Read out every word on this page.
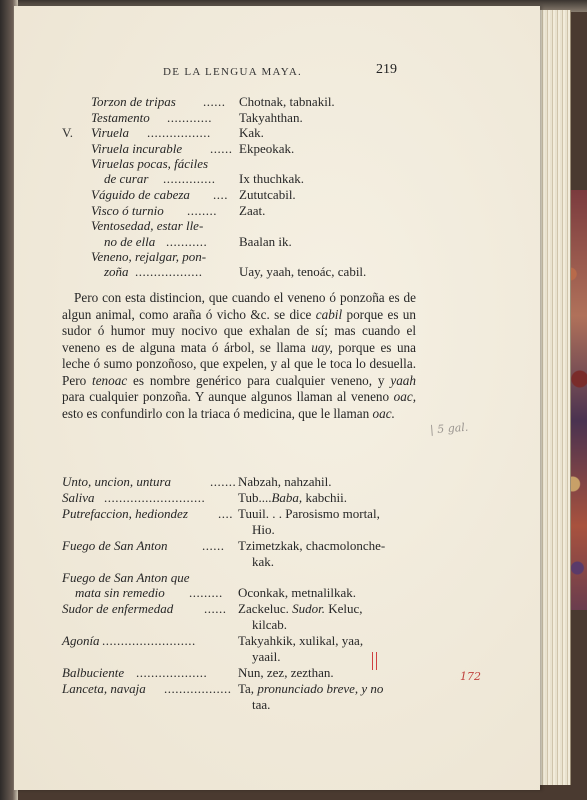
DE LA LENGUA MAYA.	219
V.
Torzon de tripas ...... Chotnak, tabnakil.
Testamento ............ Takyahthan.
Viruela ................. Kak.
Viruela incurable ...... Ekpeokak.
Viruelas pocas, fáciles
de curar .............. Ix thuchkak.
Váguido de cabeza .... Zututcabil.
Visco ó turnio ........ Zaat.
Ventosedad, estar lle-
no de ella ........... Baalan ik.
Veneno, rejalgar, pon-
zoña ..................	Uay, yaah, tenoác, cabil.

Pero con esta distincion, que cuando el veneno ó ponzoña es de algun animal, como araña ó vicho &c. se dice cabil porque es un sudor ó humor muy nocivo que exhalan de sí; mas cuando el veneno es de alguna mata ó árbol, se llama uay, porque es una leche ó sumo ponzoñoso, que expelen, y al que le toca lo desuella. Pero tenoac es nombre genérico para cualquier veneno, y yaah para cualquier ponzoña. Y aunque algunos llaman al veneno oac, esto es confundirlo con la triaca ó medicina, que le llaman oac.

Unto, uncion, untura	....... Nabzah, nahzahil.
Saliva ...........................	Tub....Baba, kabchii.
Putrefaccion, hediondez .... Tuuil. . . Parosismo mortal,
Hio.
Fuego de San Anton	...... Tzimetzkak, chacmolonche-
kak.
Fuego de San Anton que
mata sin remedio ......... Oconkak, metnalilkak.
Sudor de enfermedad ...... Zackeluc. Sudor. Keluc,
kilcab.
Agonía .........................	Takyahkik, xulikal, yaa,
yaail.
Balbuciente ................... Nun, zez, zezthan.
Lanceta, navaja .................. Ta, pronunciado breve, y no
taa.
| 5 gal.
172
